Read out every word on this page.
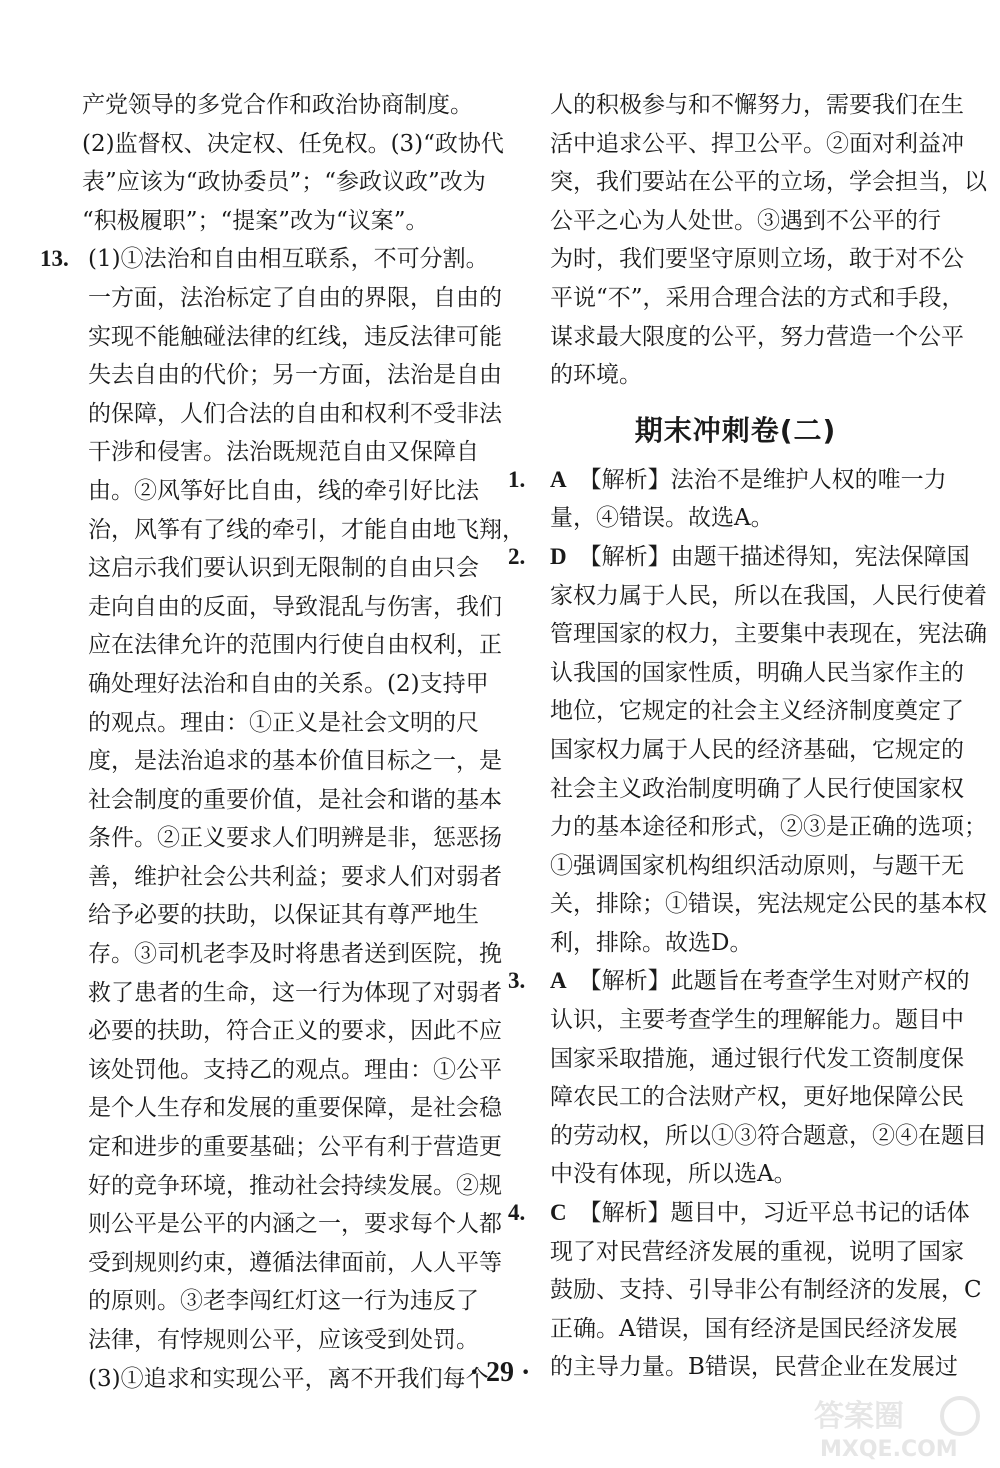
产党领导的多党合作和政治协商制度。

(2)监督权、决定权、任免权。(3)“政协代

表”应该为“政协委员”；“参政议政”改为

“积极履职”；“提案”改为“议案”。

13. (1)①法治和自由相互联系，不可分割。

一方面，法治标定了自由的界限，自由的

实现不能触碰法律的红线，违反法律可能

失去自由的代价；另一方面，法治是自由

的保障，人们合法的自由和权利不受非法

干涉和侵害。法治既规范自由又保障自

由。②风筝好比自由，线的牵引好比法

治，风筝有了线的牵引，才能自由地飞翔，

这启示我们要认识到无限制的自由只会

走向自由的反面，导致混乱与伤害，我们

应在法律允许的范围内行使自由权利，正

确处理好法治和自由的关系。(2)支持甲

的观点。理由：①正义是社会文明的尺

度，是法治追求的基本价值目标之一，是

社会制度的重要价值，是社会和谐的基本

条件。②正义要求人们明辨是非，惩恶扬

善，维护社会公共利益；要求人们对弱者

给予必要的扶助，以保证其有尊严地生

存。③司机老李及时将患者送到医院，挽

救了患者的生命，这一行为体现了对弱者

必要的扶助，符合正义的要求，因此不应

该处罚他。支持乙的观点。理由：①公平

是个人生存和发展的重要保障，是社会稳

定和进步的重要基础；公平有利于营造更

好的竞争环境，推动社会持续发展。②规

则公平是公平的内涵之一，要求每个人都

受到规则约束，遵循法律面前，人人平等

的原则。③老李闯红灯这一行为违反了

法律，有悖规则公平，应该受到处罚。

(3)①追求和实现公平，离不开我们每个

人的积极参与和不懈努力，需要我们在生

活中追求公平、捍卫公平。②面对利益冲

突，我们要站在公平的立场，学会担当，以

公平之心为人处世。③遇到不公平的行

为时，我们要坚守原则立场，敢于对不公

平说“不”，采用合理合法的方式和手段，

谋求最大限度的公平，努力营造一个公平

的环境。

期末冲刺卷(二)

1. A 【解析】法治不是维护人权的唯一力

量，④错误。故选A。

2. D 【解析】由题干描述得知，宪法保障国

家权力属于人民，所以在我国，人民行使着

管理国家的权力，主要集中表现在，宪法确

认我国的国家性质，明确人民当家作主的

地位，它规定的社会主义经济制度奠定了

国家权力属于人民的经济基础，它规定的

社会主义政治制度明确了人民行使国家权

力的基本途径和形式，②③是正确的选项；

①强调国家机构组织活动原则，与题干无

关，排除；①错误，宪法规定公民的基本权

利，排除。故选D。

3. A 【解析】此题旨在考查学生对财产权的

认识，主要考查学生的理解能力。题目中

国家采取措施，通过银行代发工资制度保

障农民工的合法财产权，更好地保障公民

的劳动权，所以①③符合题意，②④在题目

中没有体现，所以选A。

4. C 【解析】题目中，习近平总书记的话体

现了对民营经济发展的重视，说明了国家

鼓励、支持、引导非公有制经济的发展，C

正确。A错误，国有经济是国民经济发展

的主导力量。B错误，民营企业在发展过

· 29 ·
答案圈
MXQE.COM
